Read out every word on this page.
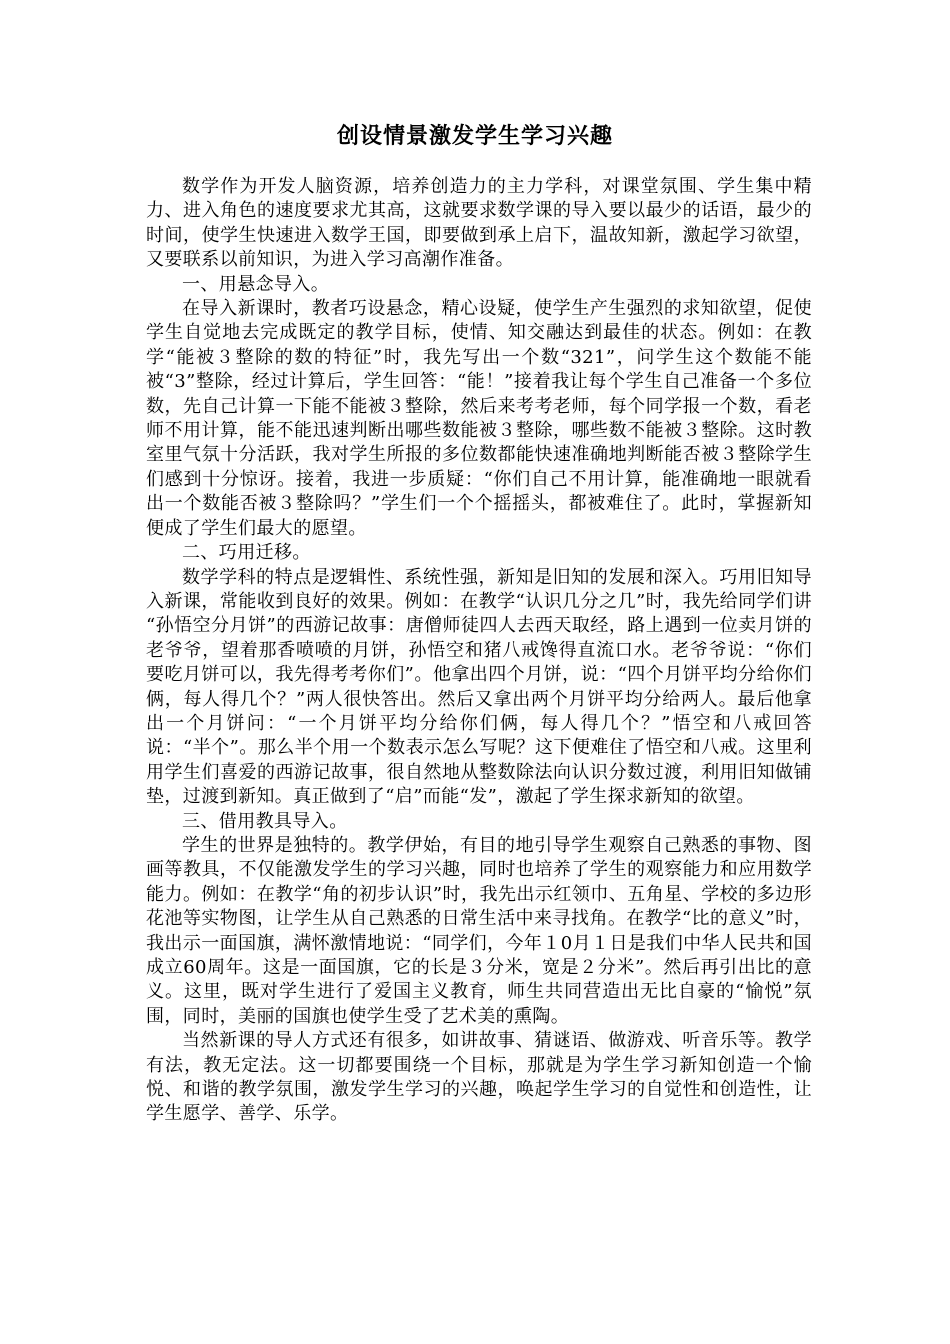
创设情景激发学生学习兴趣

数学作为开发人脑资源，培养创造力的主力学科，对课堂氛围、学生集中精力、进入角色的速度要求尤其高，这就要求数学课的导入要以最少的话语，最少的时间，使学生快速进入数学王国，即要做到承上启下，温故知新，激起学习欲望，又要联系以前知识，为进入学习高潮作准备。

一、用悬念导入。

在导入新课时，教者巧设悬念，精心设疑，使学生产生强烈的求知欲望，促使学生自觉地去完成既定的教学目标，使情、知交融达到最佳的状态。例如：在教学“能被３整除的数的特征”时，我先写出一个数“321”，问学生这个数能不能被“3”整除，经过计算后，学生回答：“能！”接着我让每个学生自己准备一个多位数，先自己计算一下能不能被３整除，然后来考考老师，每个同学报一个数，看老师不用计算，能不能迅速判断出哪些数能被３整除，哪些数不能被３整除。这时教室里气氛十分活跃，我对学生所报的多位数都能快速准确地判断能否被３整除学生们感到十分惊讶。接着，我进一步质疑：“你们自己不用计算，能准确地一眼就看出一个数能否被３整除吗？”学生们一个个摇摇头，都被难住了。此时，掌握新知便成了学生们最大的愿望。

二、巧用迁移。

数学学科的特点是逻辑性、系统性强，新知是旧知的发展和深入。巧用旧知导入新课，常能收到良好的效果。例如：在教学“认识几分之几”时，我先给同学们讲 “孙悟空分月饼”的西游记故事：唐僧师徒四人去西天取经，路上遇到一位卖月饼的老爷爷，望着那香喷喷的月饼，孙悟空和猪八戒馋得直流口水。老爷爷说：“你们要吃月饼可以，我先得考考你们”。他拿出四个月饼，说：“四个月饼平均分给你们俩，每人得几个？”两人很快答出。然后又拿出两个月饼平均分给两人。最后他拿出一个月饼问：“一个月饼平均分给你们俩，每人得几个？”悟空和八戒回答说：“半个”。那么半个用一个数表示怎么写呢？这下便难住了悟空和八戒。这里利用学生们喜爱的西游记故事，很自然地从整数除法向认识分数过渡，利用旧知做铺垫，过渡到新知。真正做到了“启”而能“发”，激起了学生探求新知的欲望。

三、借用教具导入。

学生的世界是独特的。教学伊始，有目的地引导学生观察自己熟悉的事物、图画等教具，不仅能激发学生的学习兴趣，同时也培养了学生的观察能力和应用数学能力。例如：在教学“角的初步认识”时，我先出示红领巾、五角星、学校的多边形花池等实物图，让学生从自己熟悉的日常生活中来寻找角。在教学“比的意义”时，我出示一面国旗，满怀激情地说：“同学们，今年１0月１日是我们中华人民共和国成立60周年。这是一面国旗，它的长是３分米，宽是２分米”。然后再引出比的意义。这里，既对学生进行了爱国主义教育，师生共同营造出无比自豪的“愉悦”氛围，同时，美丽的国旗也使学生受了艺术美的熏陶。

当然新课的导人方式还有很多，如讲故事、猜谜语、做游戏、听音乐等。教学有法，教无定法。这一切都要围绕一个目标，那就是为学生学习新知创造一个愉悦、和谐的教学氛围，激发学生学习的兴趣，唤起学生学习的自觉性和创造性，让学生愿学、善学、乐学。
